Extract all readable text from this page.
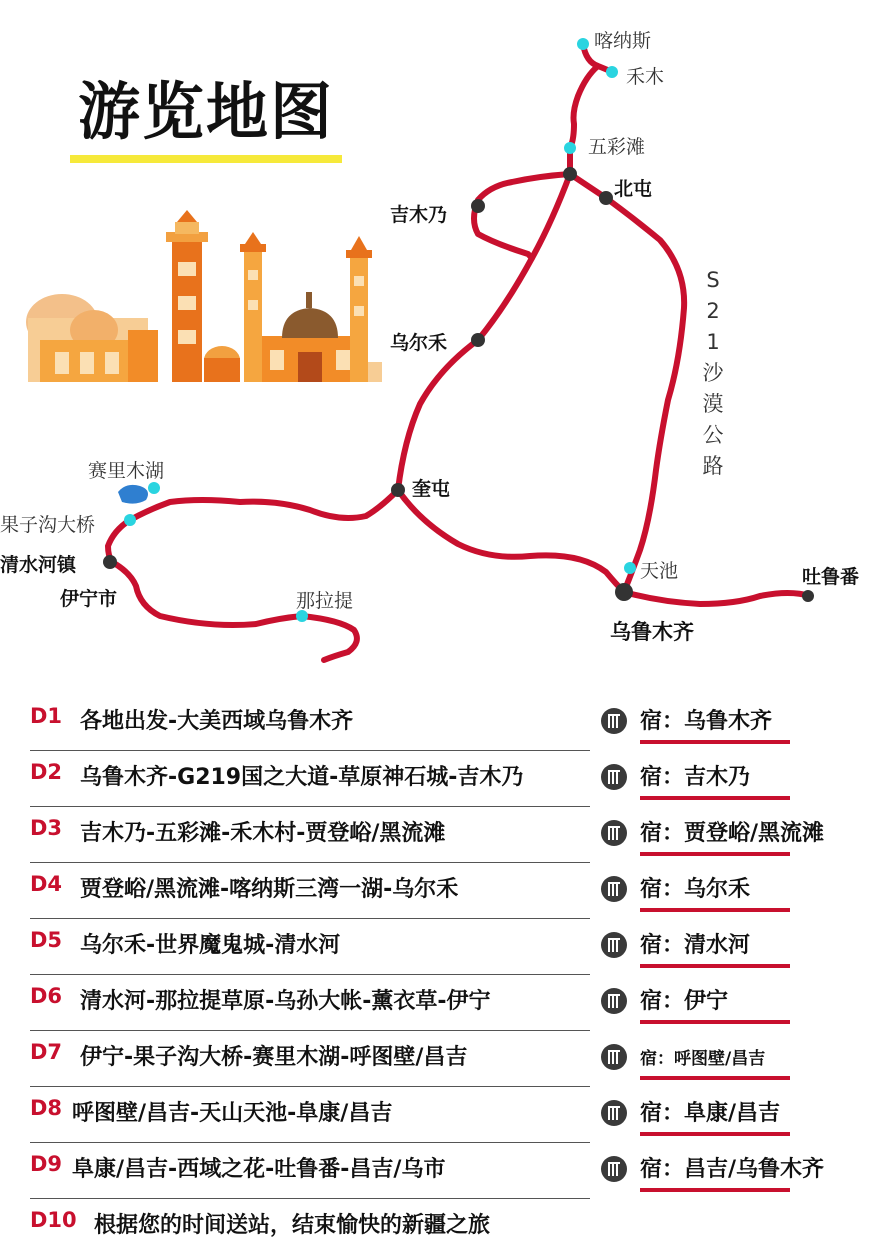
游览地图
喀纳斯
禾木
五彩滩
北屯
吉木乃
乌尔禾
奎屯
赛里木湖
果子沟大桥
清水河镇
伊宁市	那拉提
天池	吐鲁番
乌鲁木齐
S21沙漠公路
D1 各地出发-大美西域乌鲁木齐	宿：乌鲁木齐
D2 乌鲁木齐-G219国之大道-草原神石城-吉木乃	宿：吉木乃
D3 吉木乃-五彩滩-禾木村-贾登峪/黑流滩	宿：贾登峪/黑流滩
D4 贾登峪/黑流滩-喀纳斯三湾一湖-乌尔禾	宿：乌尔禾
D5 乌尔禾-世界魔鬼城-清水河	宿：清水河
D6 清水河-那拉提草原-乌孙大帐-薰衣草-伊宁	宿：伊宁
D7 伊宁-果子沟大桥-赛里木湖-呼图壁/昌吉	宿：呼图壁/昌吉
D8 呼图壁/昌吉-天山天池-阜康/昌吉	宿：阜康/昌吉
D9 阜康/昌吉-西域之花-吐鲁番-昌吉/乌市	宿：昌吉/乌鲁木齐
D10 根据您的时间送站，结束愉快的新疆之旅
